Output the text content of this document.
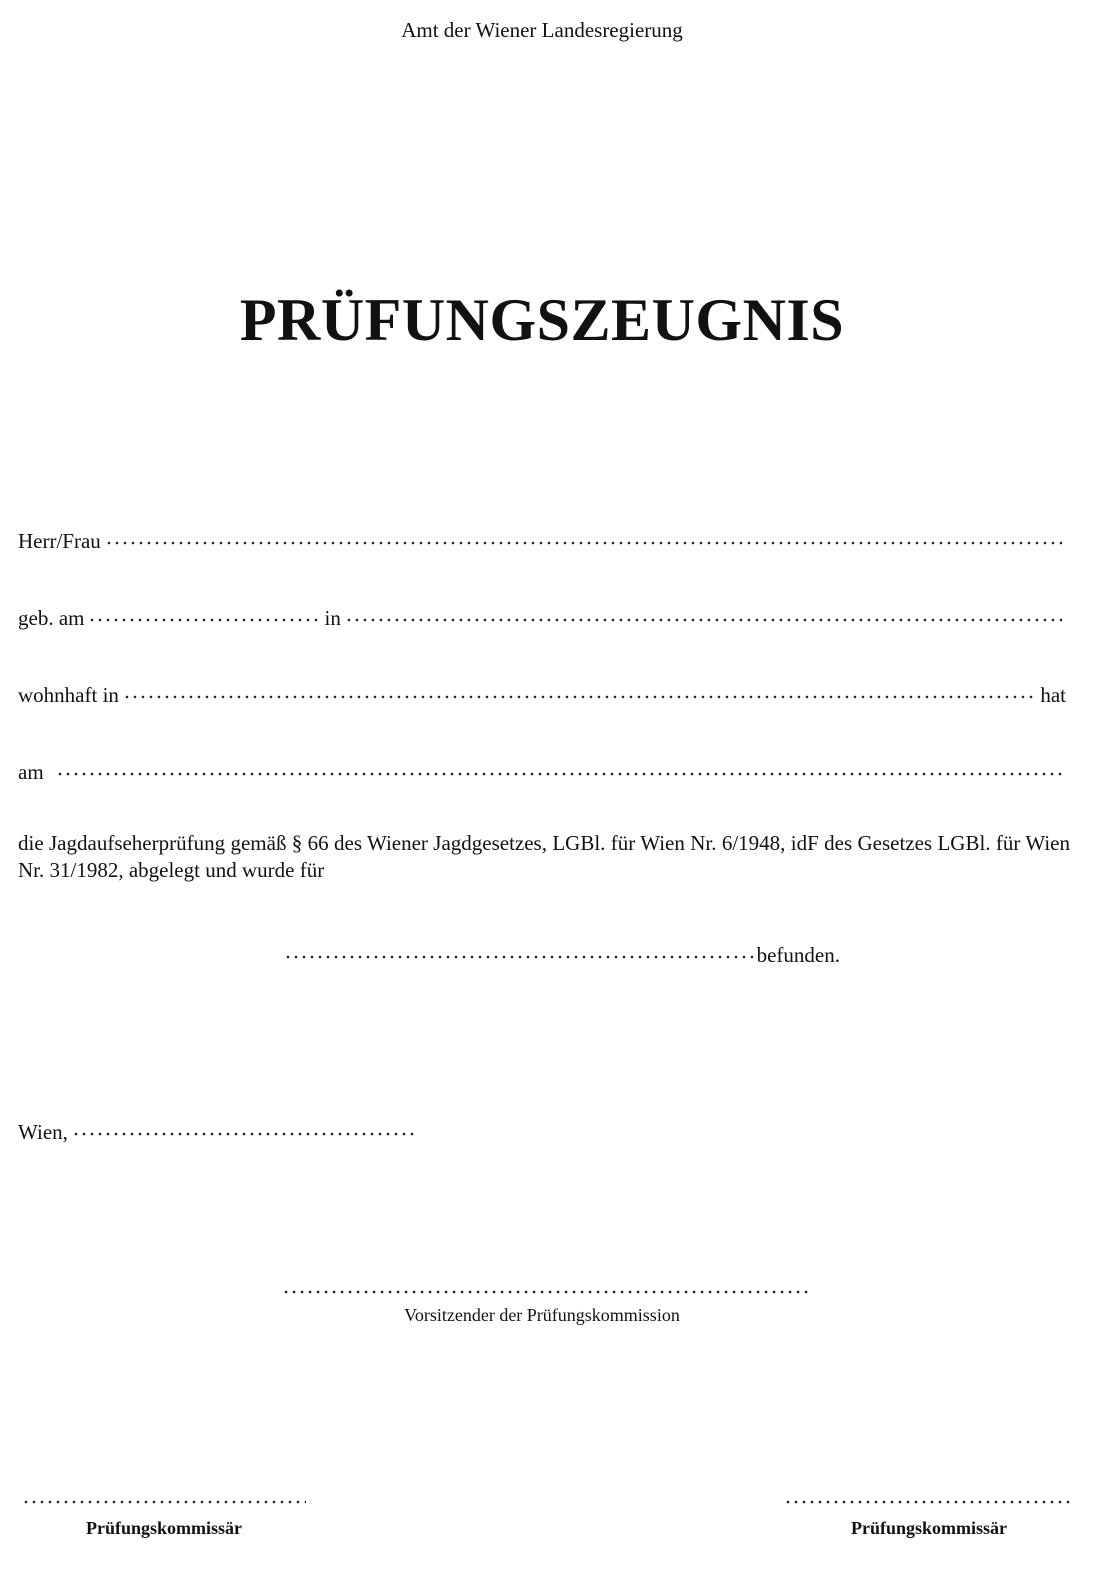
Amt der Wiener Landesregierung
PRÜFUNGSZEUGNIS
Herr/Frau
geb. am	in
wohnhaft in	hat
am
die Jagdaufseherprüfung gemäß § 66 des Wiener Jagdgesetzes, LGBl. für Wien Nr. 6/1948, idF des Gesetzes LGBl. für Wien Nr. 31/1982, abgelegt und wurde für
befunden.
Wien,
Vorsitzender der Prüfungskommission
Prüfungskommissär	Prüfungskommissär
